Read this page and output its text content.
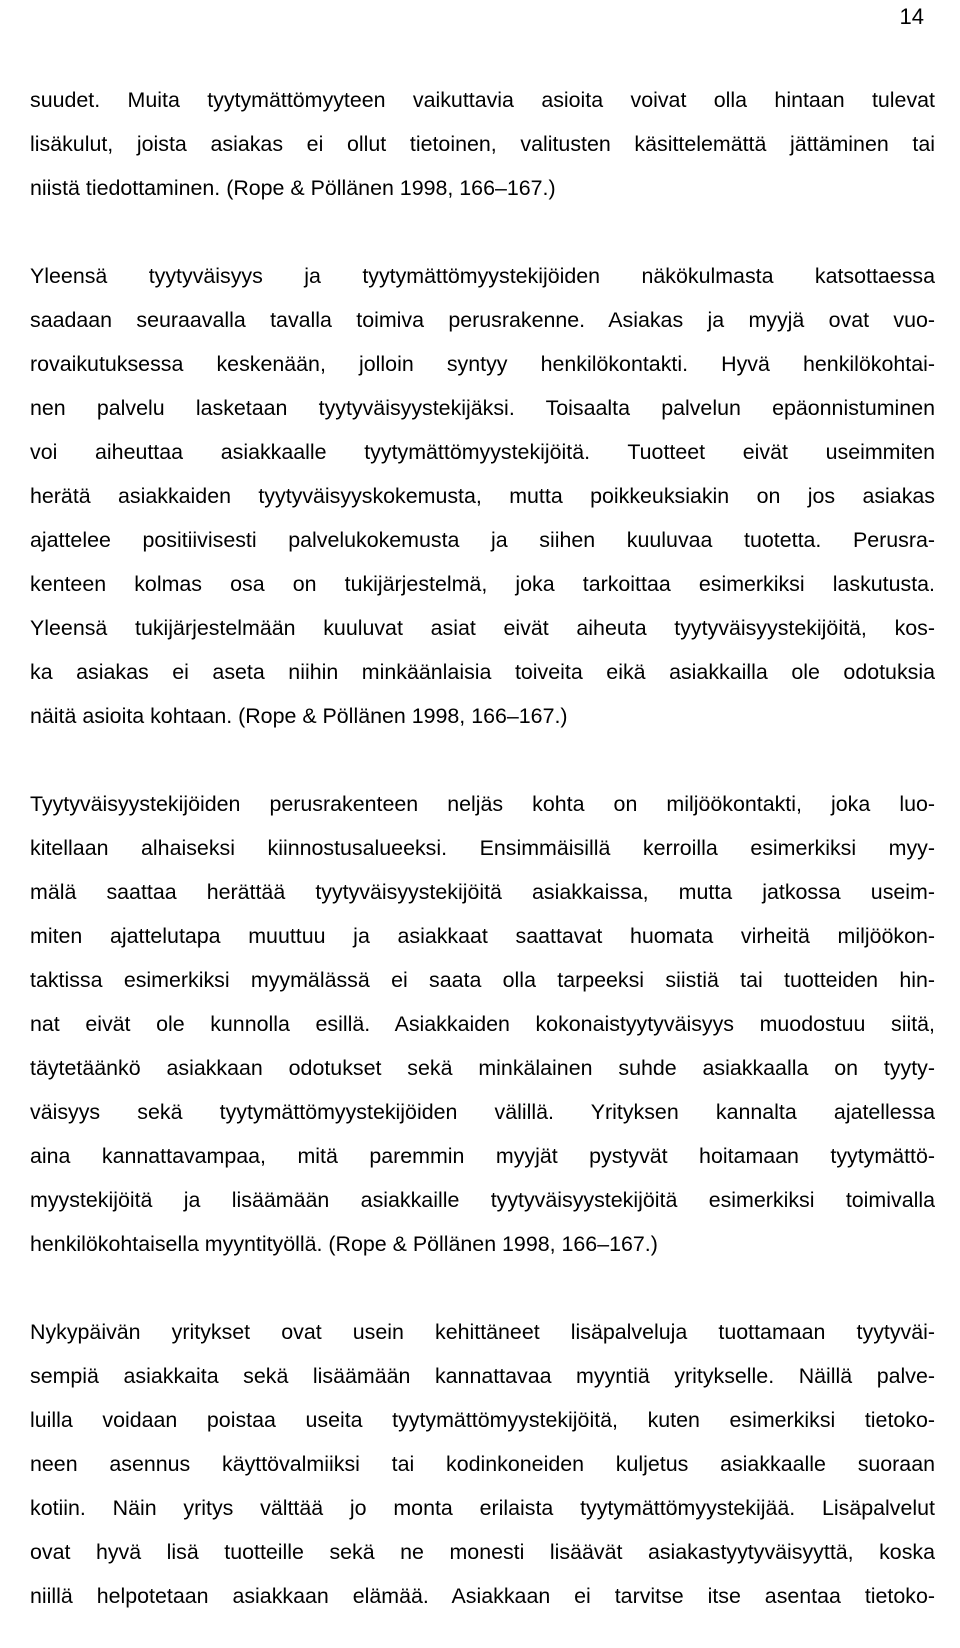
14
suudet. Muita tyytymättömyyteen vaikuttavia asioita voivat olla hintaan tulevat
lisäkulut, joista asiakas ei ollut tietoinen, valitusten käsittelemättä jättäminen tai
niistä tiedottaminen. (Rope & Pöllänen 1998, 166–167.)
Yleensä tyytyväisyys ja tyytymättömyystekijöiden näkökulmasta katsottaessa
saadaan seuraavalla tavalla toimiva perusrakenne. Asiakas ja myyjä ovat vuo-
rovaikutuksessa keskenään, jolloin syntyy henkilökontakti. Hyvä henkilökohtai-
nen palvelu lasketaan tyytyväisyystekijäksi. Toisaalta palvelun epäonnistuminen
voi aiheuttaa asiakkaalle tyytymättömyystekijöitä. Tuotteet eivät useimmiten
herätä asiakkaiden tyytyväisyyskokemusta, mutta poikkeuksiakin on jos asiakas
ajattelee positiivisesti palvelukokemusta ja siihen kuuluvaa tuotetta. Perusra-
kenteen kolmas osa on tukijärjestelmä, joka tarkoittaa esimerkiksi laskutusta.
Yleensä tukijärjestelmään kuuluvat asiat eivät aiheuta tyytyväisyystekijöitä, kos-
ka asiakas ei aseta niihin minkäänlaisia toiveita eikä asiakkailla ole odotuksia
näitä asioita kohtaan. (Rope & Pöllänen 1998, 166–167.)
Tyytyväisyystekijöiden perusrakenteen neljäs kohta on miljöökontakti, joka luo-
kitellaan alhaiseksi kiinnostusalueeksi. Ensimmäisillä kerroilla esimerkiksi myy-
mälä saattaa herättää tyytyväisyystekijöitä asiakkaissa, mutta jatkossa useim-
miten ajattelutapa muuttuu ja asiakkaat saattavat huomata virheitä miljöökon-
taktissa esimerkiksi myymälässä ei saata olla tarpeeksi siistiä tai tuotteiden hin-
nat eivät ole kunnolla esillä. Asiakkaiden kokonaistyytyväisyys muodostuu siitä,
täytetäänkö asiakkaan odotukset sekä minkälainen suhde asiakkaalla on tyyty-
väisyys sekä tyytymättömyystekijöiden välillä. Yrityksen kannalta ajatellessa
aina kannattavampaa, mitä paremmin myyjät pystyvät hoitamaan tyytymättö-
myystekijöitä ja lisäämään asiakkaille tyytyväisyystekijöitä esimerkiksi toimivalla
henkilökohtaisella myyntityöllä. (Rope & Pöllänen 1998, 166–167.)
Nykypäivän yritykset ovat usein kehittäneet lisäpalveluja tuottamaan tyytyväi-
sempiä asiakkaita sekä lisäämään kannattavaa myyntiä yritykselle. Näillä palve-
luilla voidaan poistaa useita tyytymättömyystekijöitä, kuten esimerkiksi tietoko-
neen asennus käyttövalmiiksi tai kodinkoneiden kuljetus asiakkaalle suoraan
kotiin. Näin yritys välttää jo monta erilaista tyytymättömyystekijää. Lisäpalvelut
ovat hyvä lisä tuotteille sekä ne monesti lisäävät asiakastyytyväisyyttä, koska
niillä helpotetaan asiakkaan elämää. Asiakkaan ei tarvitse itse asentaa tietoko-
